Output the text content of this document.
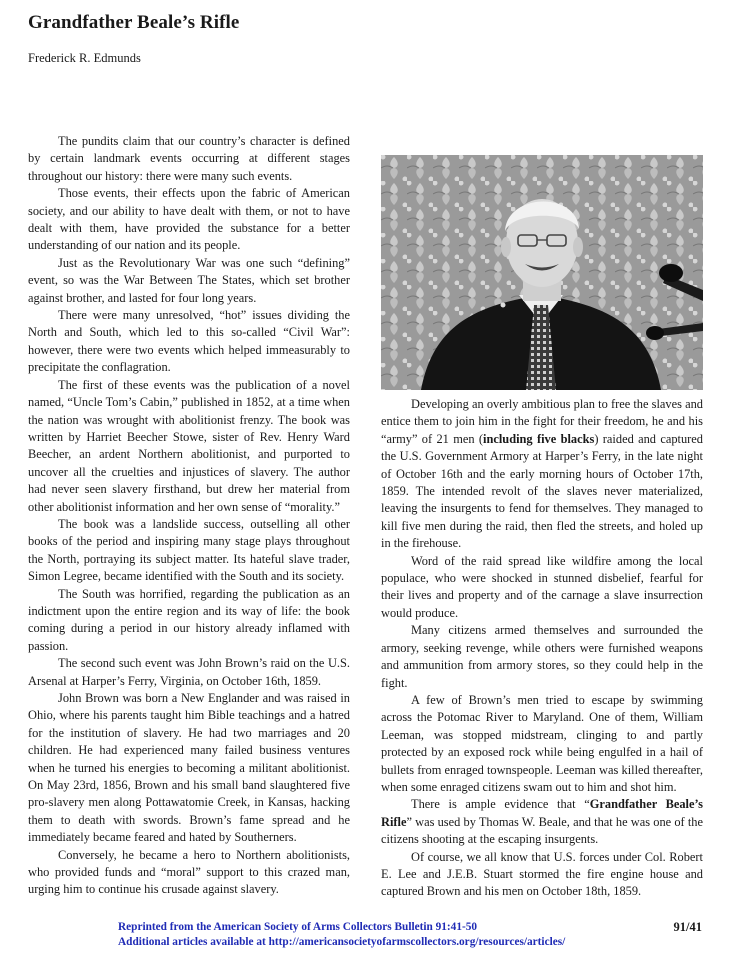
Grandfather Beale’s Rifle
Frederick R. Edmunds

The pundits claim that our country’s character is defined by certain landmark events occurring at different stages throughout our history: there were many such events.

Those events, their effects upon the fabric of American society, and our ability to have dealt with them, or not to have dealt with them, have provided the substance for a better understanding of our nation and its people.

Just as the Revolutionary War was one such “defining” event, so was the War Between The States, which set brother against brother, and lasted for four long years.

There were many unresolved, “hot” issues dividing the North and South, which led to this so-called “Civil War”: however, there were two events which helped immeasurably to precipitate the conflagration.

The first of these events was the publication of a novel named, “Uncle Tom’s Cabin,” published in 1852, at a time when the nation was wrought with abolitionist frenzy. The book was written by Harriet Beecher Stowe, sister of Rev. Henry Ward Beecher, an ardent Northern abolitionist, and purported to uncover all the cruelties and injustices of slavery. The author had never seen slavery firsthand, but drew her material from other abolitionist information and her own sense of “morality.”

The book was a landslide success, outselling all other books of the period and inspiring many stage plays throughout the North, portraying its subject matter. Its hateful slave trader, Simon Legree, became identified with the South and its society.

The South was horrified, regarding the publication as an indictment upon the entire region and its way of life: the book coming during a period in our history already inflamed with passion.

The second such event was John Brown’s raid on the U.S. Arsenal at Harper’s Ferry, Virginia, on October 16th, 1859.

John Brown was born a New Englander and was raised in Ohio, where his parents taught him Bible teachings and a hatred for the institution of slavery. He had two marriages and 20 children. He had experienced many failed business ventures when he turned his energies to becoming a militant abolitionist. On May 23rd, 1856, Brown and his small band slaughtered five pro-slavery men along Pottawatomie Creek, in Kansas, hacking them to death with swords. Brown’s fame spread and he immediately became feared and hated by Southerners.

Conversely, he became a hero to Northern abolitionists, who provided funds and “moral” support to this crazed man, urging him to continue his crusade against slavery.

Developing an overly ambitious plan to free the slaves and entice them to join him in the fight for their freedom, he and his “army” of 21 men (including five blacks) raided and captured the U.S. Government Armory at Harper’s Ferry, in the late night of October 16th and the early morning hours of October 17th, 1859. The intended revolt of the slaves never materialized, leaving the insurgents to fend for themselves. They managed to kill five men during the raid, then fled the streets, and holed up in the firehouse.

Word of the raid spread like wildfire among the local populace, who were shocked in stunned disbelief, fearful for their lives and property and of the carnage a slave insurrection would produce.

Many citizens armed themselves and surrounded the armory, seeking revenge, while others were furnished weapons and ammunition from armory stores, so they could help in the fight.

A few of Brown’s men tried to escape by swimming across the Potomac River to Maryland. One of them, William Leeman, was stopped midstream, clinging to and partly protected by an exposed rock while being engulfed in a hail of bullets from enraged townspeople. Leeman was killed thereafter, when some enraged citizens swam out to him and shot him.

There is ample evidence that “Grandfather Beale’s Rifle” was used by Thomas W. Beale, and that he was one of the citizens shooting at the escaping insurgents.

Of course, we all know that U.S. forces under Col. Robert E. Lee and J.E.B. Stuart stormed the fire engine house and captured Brown and his men on October 18th, 1859.

Reprinted from the American Society of Arms Collectors Bulletin 91:41-50
Additional articles available at http://americansocietyofarmscollectors.org/resources/articles/
91/41
